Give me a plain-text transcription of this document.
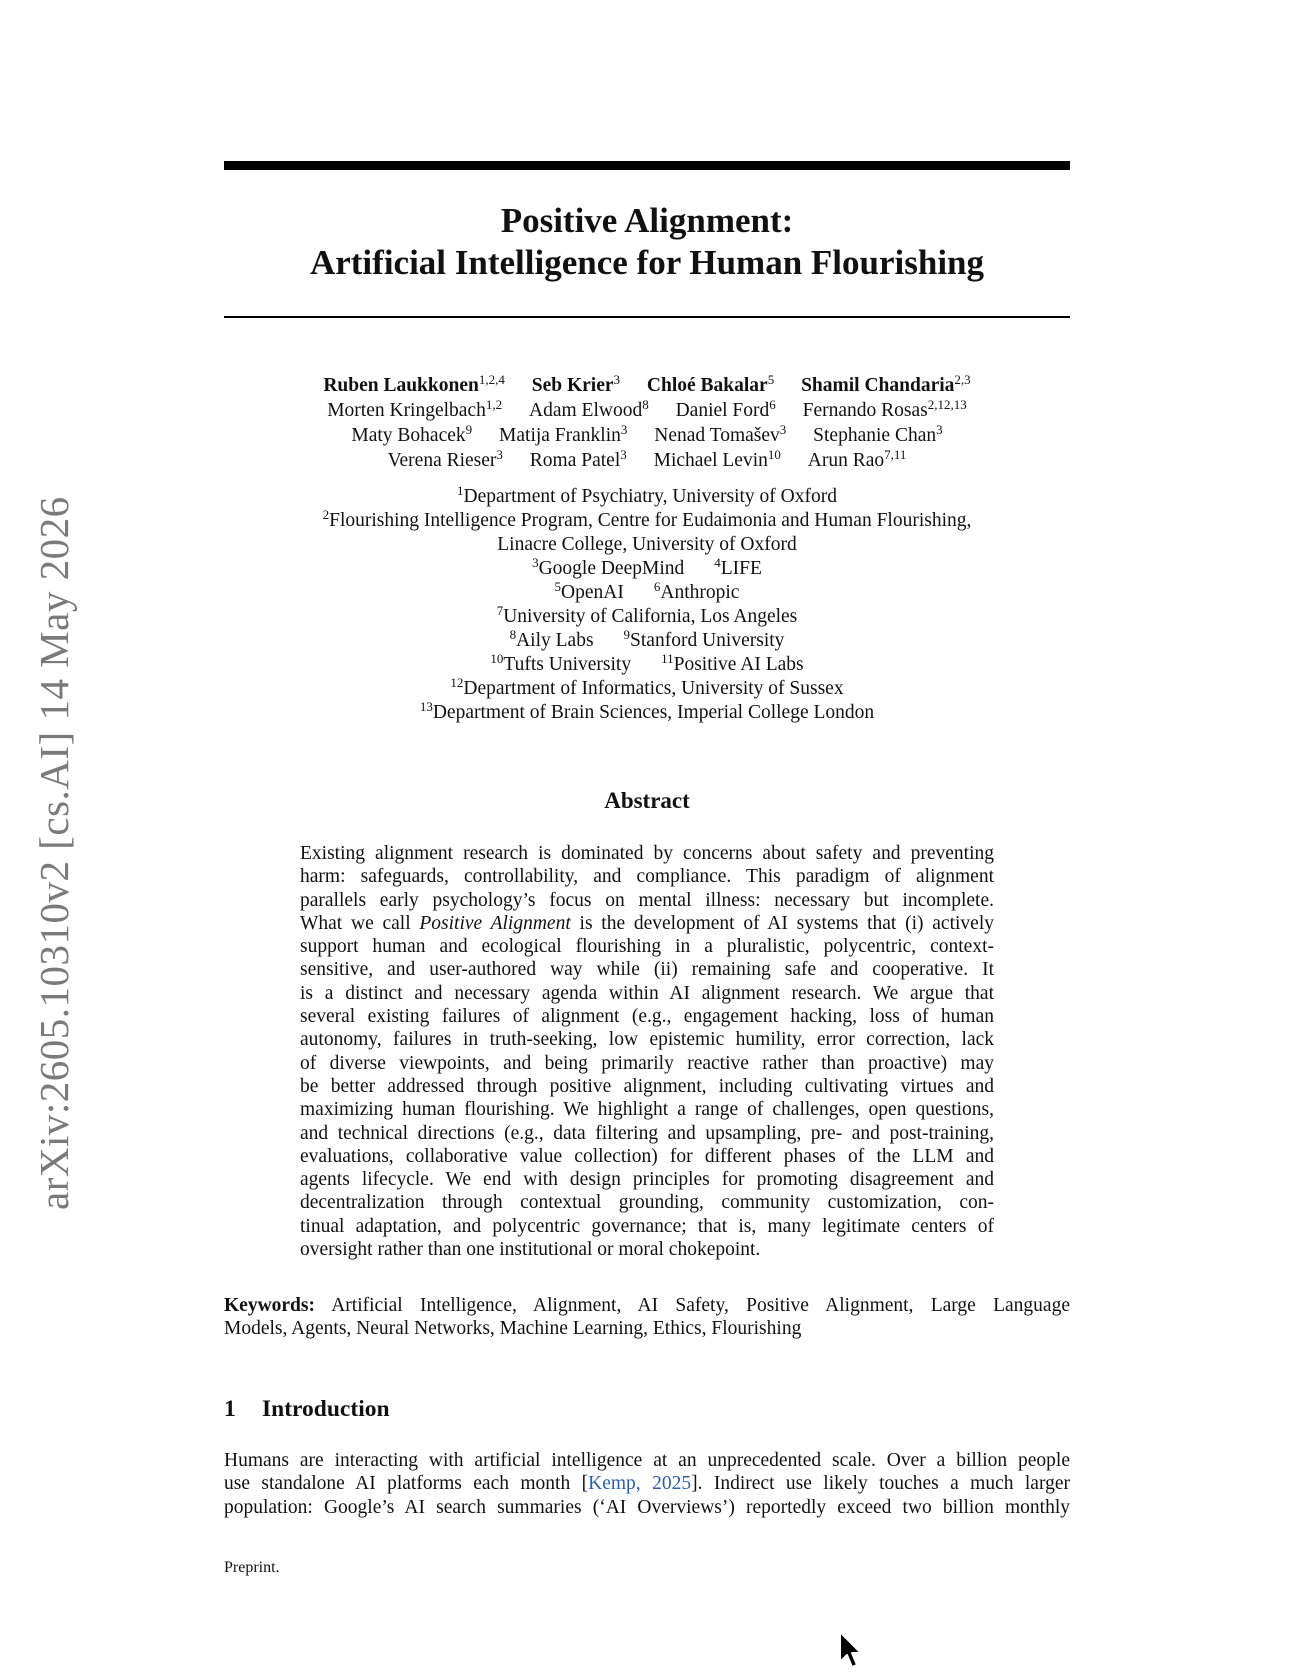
arXiv:2605.10310v2 [cs.AI] 14 May 2026
Positive Alignment:
Artificial Intelligence for Human Flourishing
Ruben Laukkonen$^{1,2,4}$ Seb Krier$^3$ Chloé Bakalar$^5$ Shamil Chandaria$^{2,3}$
Morten Kringelbach$^{1,2}$ Adam Elwood$^8$ Daniel Ford$^6$ Fernando Rosas$^{2,12,13}$
Maty Bohacek$^9$ Matija Franklin$^3$ Nenad Tomašev$^3$ Stephanie Chan$^3$
Verena Rieser$^3$ Roma Patel$^3$ Michael Levin$^{10}$ Arun Rao$^{7,11}$
$^1$Department of Psychiatry, University of Oxford
$^2$Flourishing Intelligence Program, Centre for Eudaimonia and Human Flourishing,
Linacre College, University of Oxford
$^3$Google DeepMind $^4$LIFE
$^5$OpenAI $^6$Anthropic
$^7$University of California, Los Angeles
$^8$Aily Labs $^9$Stanford University
$^{10}$Tufts University $^{11}$Positive AI Labs
$^{12}$Department of Informatics, University of Sussex
$^{13}$Department of Brain Sciences, Imperial College London
Abstract
Existing alignment research is dominated by concerns about safety and preventing
harm: safeguards, controllability, and compliance. This paradigm of alignment
parallels early psychology’s focus on mental illness: necessary but incomplete.
What we call Positive Alignment is the development of AI systems that (i) actively
support human and ecological flourishing in a pluralistic, polycentric, context-
sensitive, and user-authored way while (ii) remaining safe and cooperative. It
is a distinct and necessary agenda within AI alignment research. We argue that
several existing failures of alignment (e.g., engagement hacking, loss of human
autonomy, failures in truth-seeking, low epistemic humility, error correction, lack
of diverse viewpoints, and being primarily reactive rather than proactive) may
be better addressed through positive alignment, including cultivating virtues and
maximizing human flourishing. We highlight a range of challenges, open questions,
and technical directions (e.g., data filtering and upsampling, pre- and post-training,
evaluations, collaborative value collection) for different phases of the LLM and
agents lifecycle. We end with design principles for promoting disagreement and
decentralization through contextual grounding, community customization, con-
tinual adaptation, and polycentric governance; that is, many legitimate centers of
oversight rather than one institutional or moral chokepoint.
Keywords: Artificial Intelligence, Alignment, AI Safety, Positive Alignment, Large Language
Models, Agents, Neural Networks, Machine Learning, Ethics, Flourishing
1 Introduction
Humans are interacting with artificial intelligence at an unprecedented scale. Over a billion people
use standalone AI platforms each month [Kemp, 2025]. Indirect use likely touches a much larger
population: Google’s AI search summaries (‘AI Overviews’) reportedly exceed two billion monthly
Preprint.
